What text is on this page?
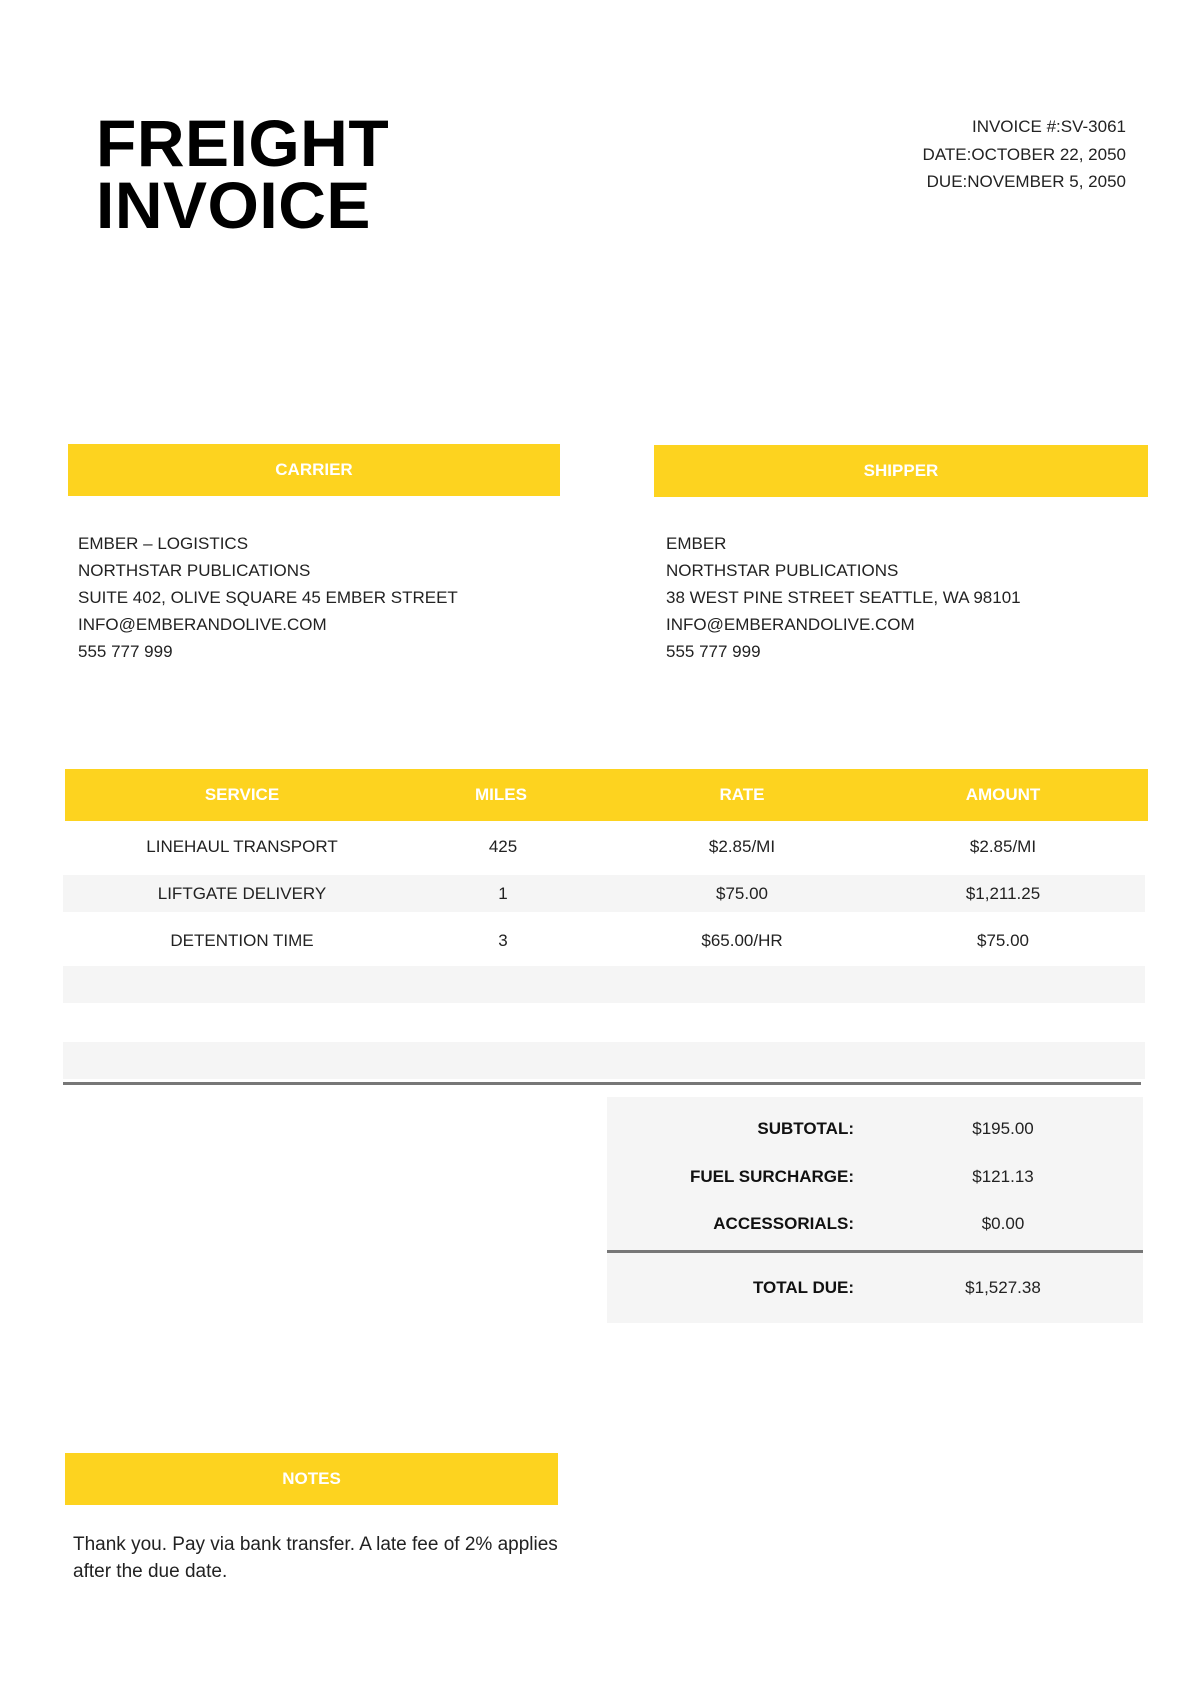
FREIGHT
INVOICE
INVOICE #:SV-3061
DATE:OCTOBER 22, 2050
DUE:NOVEMBER 5, 2050
CARRIER	SHIPPER
EMBER – LOGISTICS
NORTHSTAR PUBLICATIONS
SUITE 402, OLIVE SQUARE 45 EMBER STREET
INFO@EMBERANDOLIVE.COM
555 777 999
EMBER
NORTHSTAR PUBLICATIONS
38 WEST PINE STREET SEATTLE, WA 98101
INFO@EMBERANDOLIVE.COM
555 777 999
SERVICE	MILES	RATE	AMOUNT
LINEHAUL TRANSPORT	425	$2.85/MI	$2.85/MI
LIFTGATE DELIVERY	1	$75.00	$1,211.25
DETENTION TIME	3	$65.00/HR	$75.00
SUBTOTAL:	$195.00
FUEL SURCHARGE:	$121.13
ACCESSORIALS:	$0.00
TOTAL DUE:	$1,527.38
NOTES
Thank you. Pay via bank transfer. A late fee of 2% applies after the due date.
